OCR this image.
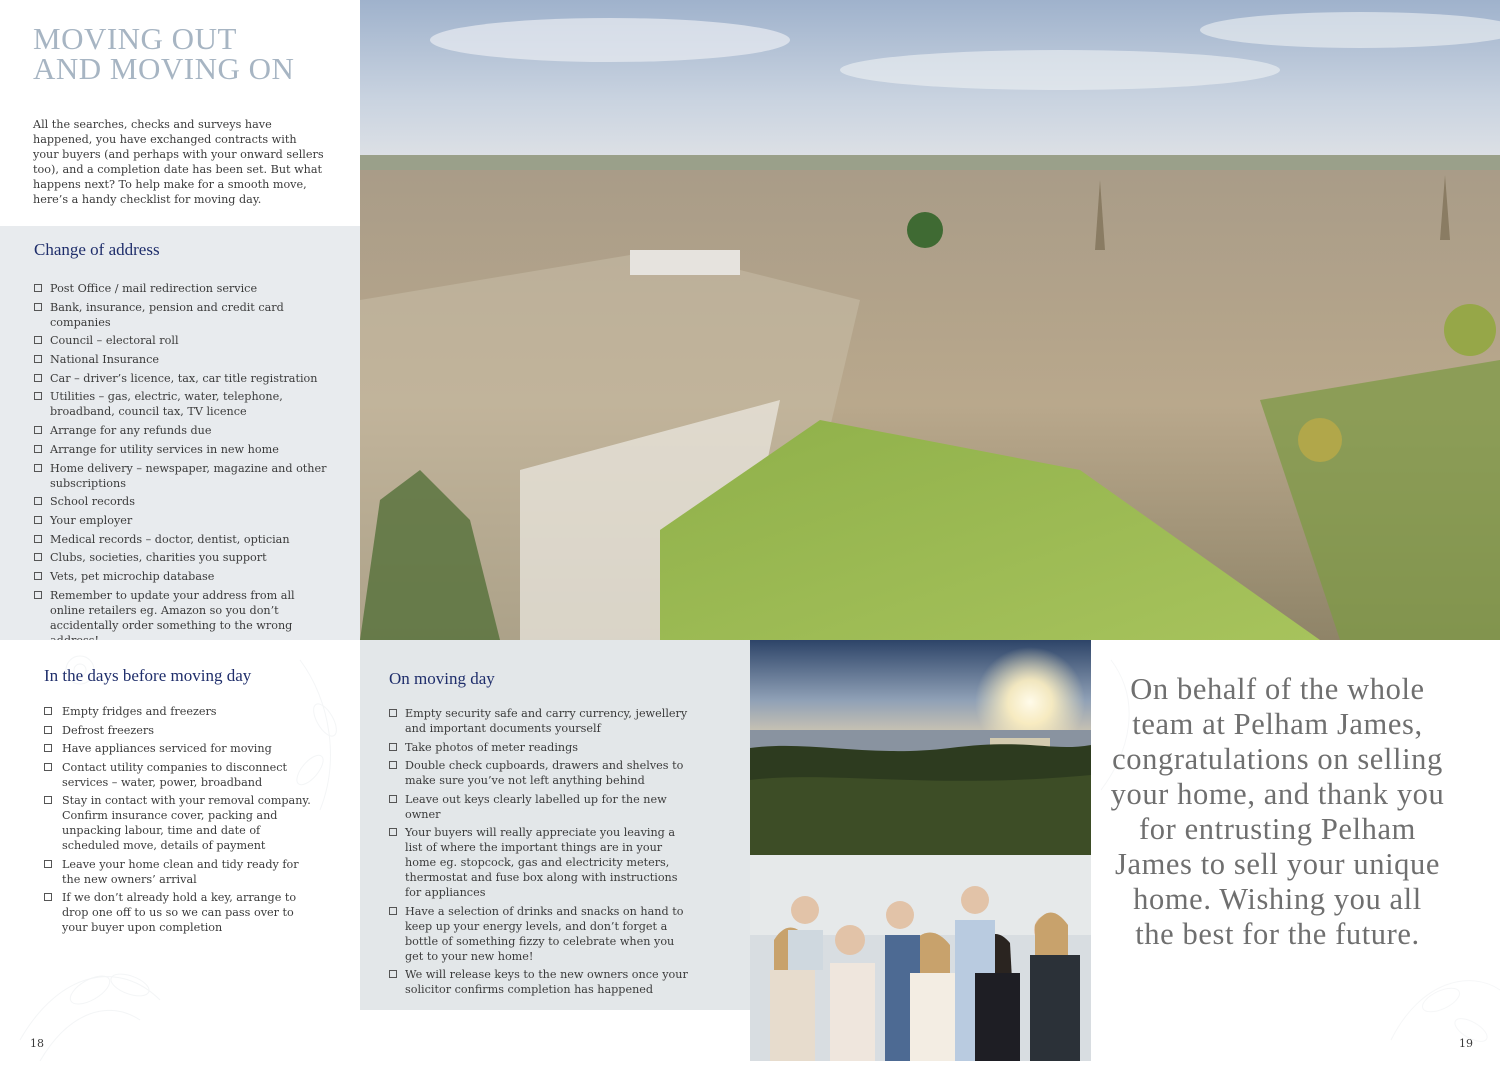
MOVING OUT
AND MOVING ON

All the searches, checks and surveys have happened, you have exchanged contracts with your buyers (and perhaps with your onward sellers too), and a completion date has been set. But what happens next? To help make for a smooth move, here’s a handy checklist for moving day.

Change of address
Post Office / mail redirection service
Bank, insurance, pension and credit card companies
Council – electoral roll
National Insurance
Car – driver’s licence, tax, car title registration
Utilities – gas, electric, water, telephone, broadband, council tax, TV licence
Arrange for any refunds due
Arrange for utility services in new home
Home delivery – newspaper, magazine and other subscriptions
School records
Your employer
Medical records – doctor, dentist, optician
Clubs, societies, charities you support
Vets, pet microchip database
Remember to update your address from all online retailers eg. Amazon so you don’t accidentally order something to the wrong
In the days before moving day
Empty fridges and freezers
Defrost freezers
Have appliances serviced for moving
Contact utility companies to disconnect services – water, power, broadband
Stay in contact with your removal company. Confirm insurance cover, packing and unpacking labour, time and date of scheduled move, details of payment
Leave your home clean and tidy ready for the new owners’ arrival
If we don’t already hold a key, arrange to drop one off to us so we can pass over to your buyer upon completion
On moving day
Empty security safe and carry currency, jewellery and important documents yourself
Take photos of meter readings
Double check cupboards, drawers and shelves to make sure you’ve not left anything behind
Leave out keys clearly labelled up for the new owner
Your buyers will really appreciate you leaving a list of where the important things are in your home eg. stopcock, gas and electricity meters, thermostat and fuse box along with instructions for appliances
Have a selection of drinks and snacks on hand to keep up your energy levels, and don’t forget a bottle of something fizzy to celebrate when you get to your new home!
We will release keys to the new owners once your solicitor confirms completion has happened

On behalf of the whole team at Pelham James, congratulations on selling your home, and thank you for entrusting Pelham James to sell your unique home. Wishing you all the best for the future.

18	19
